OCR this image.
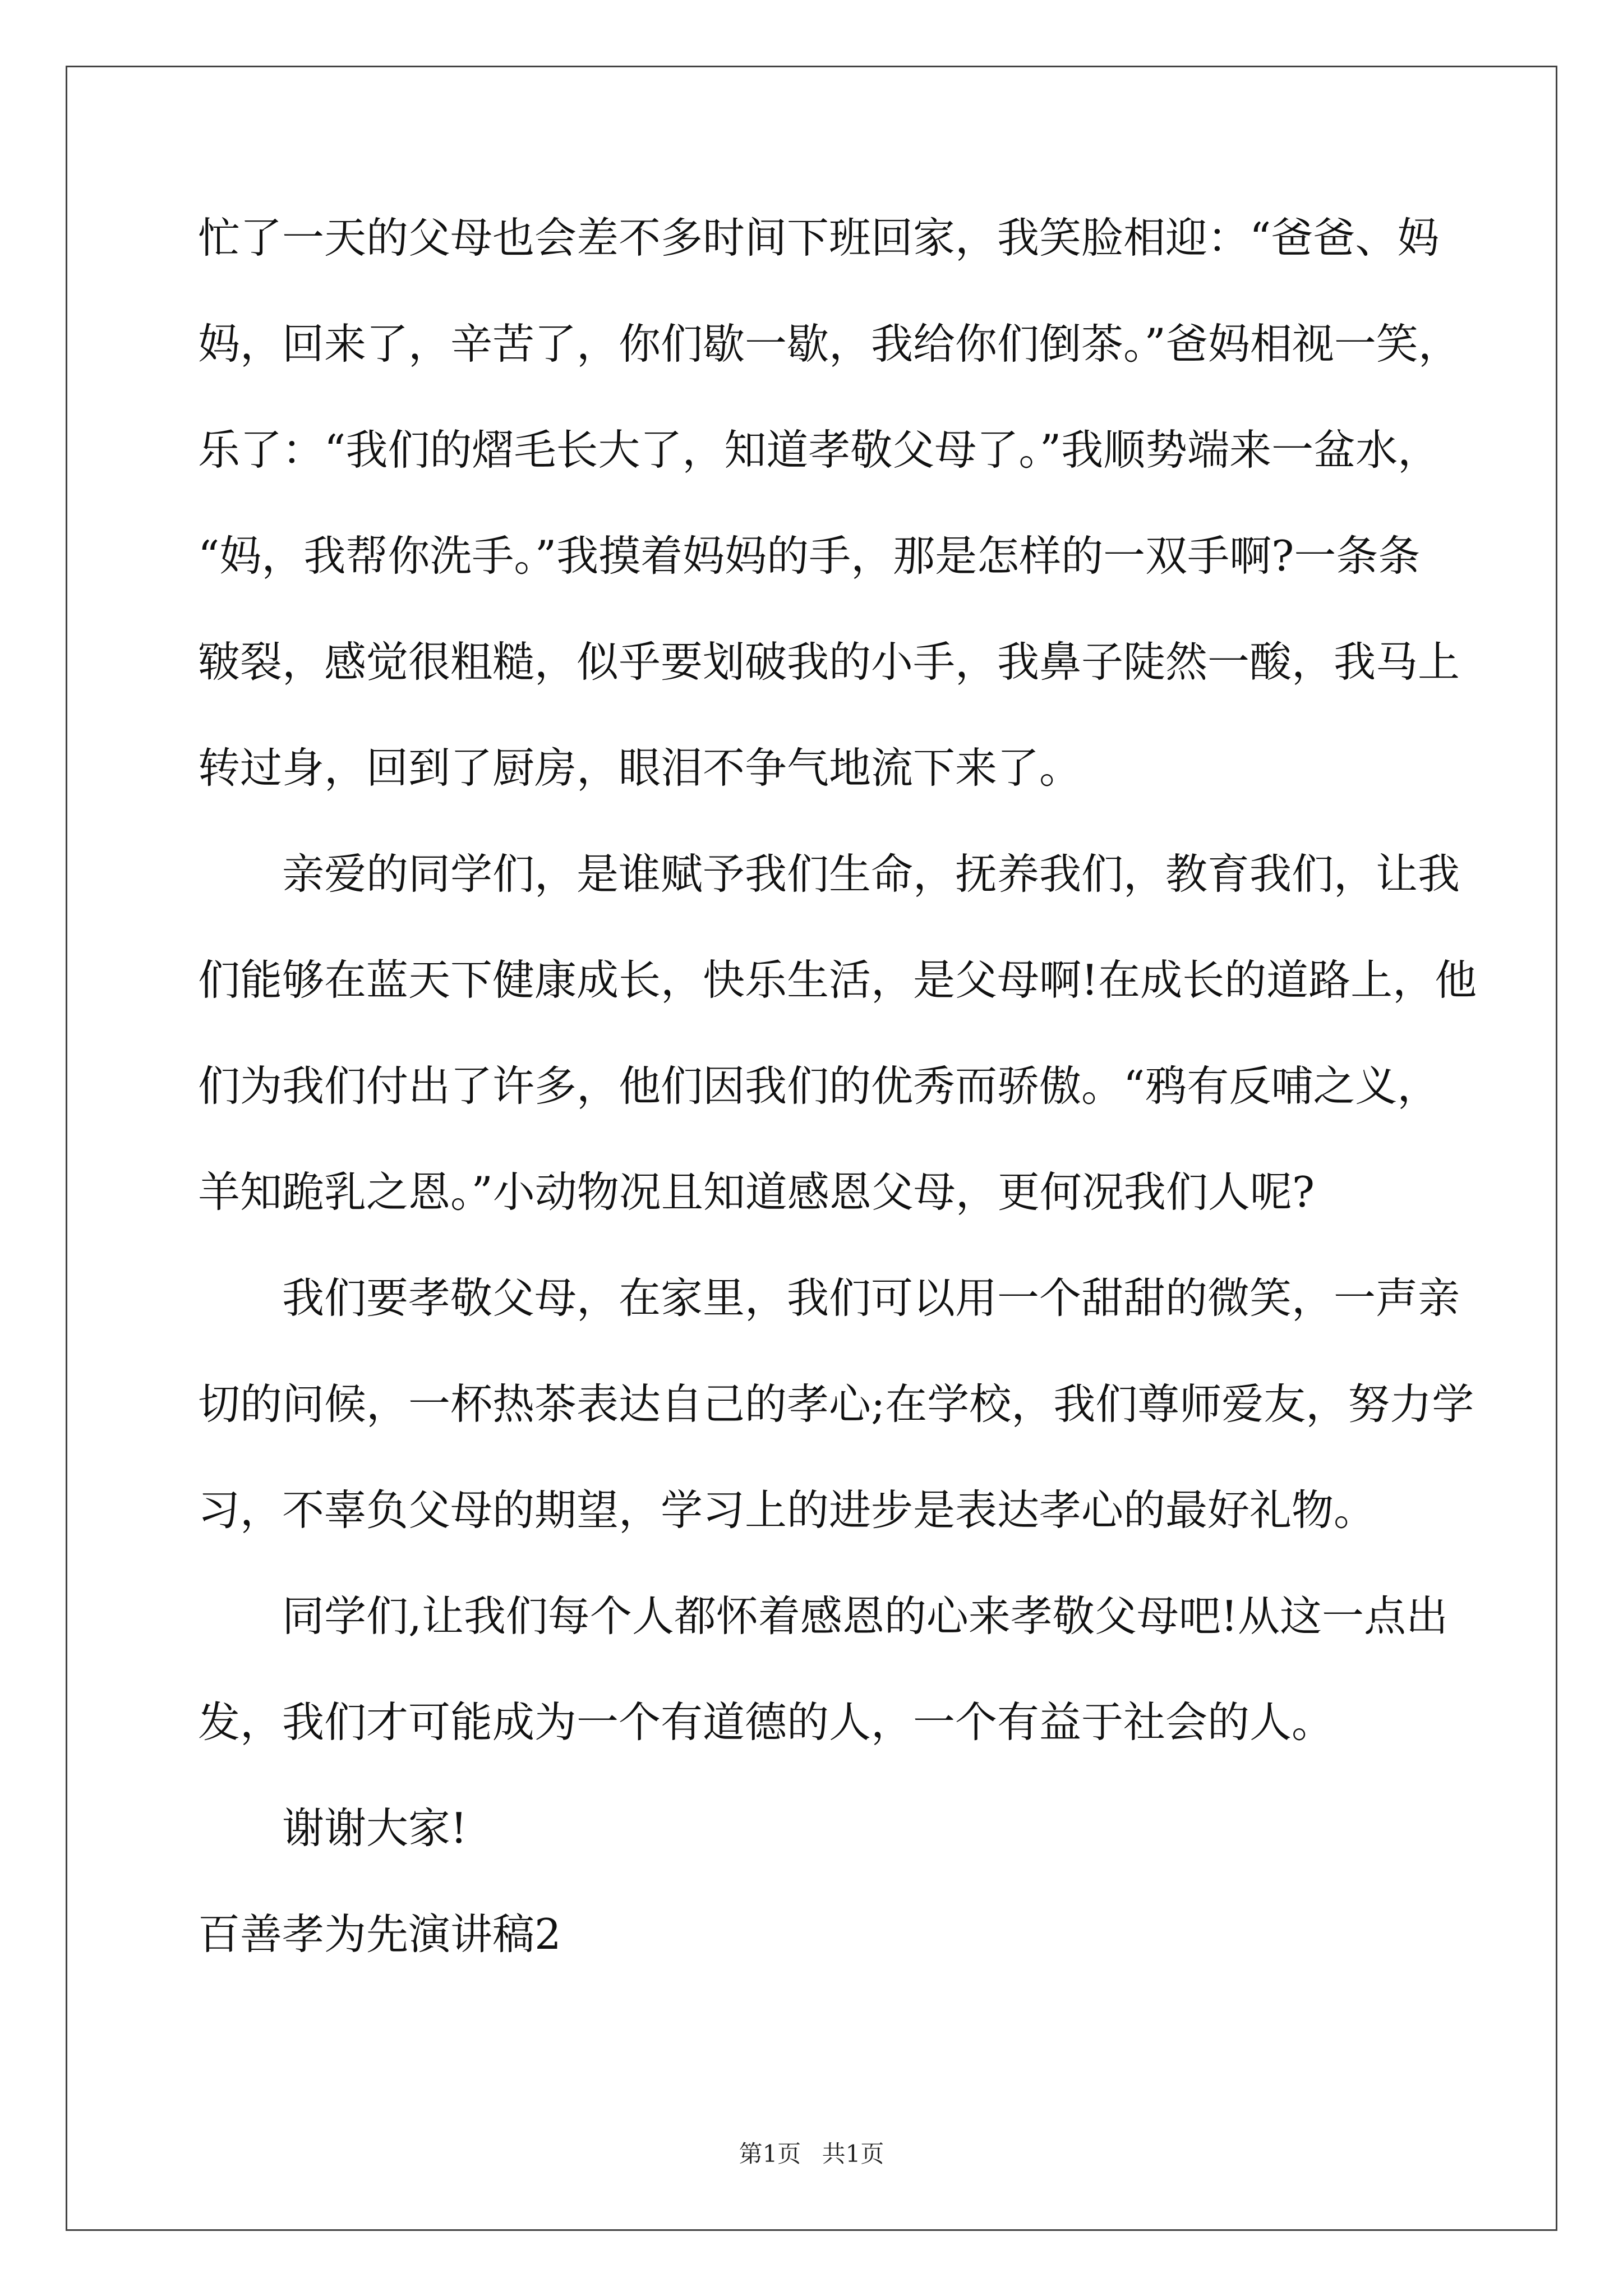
忙了一天的父母也会差不多时间下班回家，我笑脸相迎：“爸爸、妈
妈，回来了，辛苦了，你们歇一歇，我给你们倒茶。”爸妈相视一笑，
乐了：“我们的熠毛长大了，知道孝敬父母了。”我顺势端来一盆水，
“妈，我帮你洗手。”我摸着妈妈的手，那是怎样的一双手啊?一条条
皲裂，感觉很粗糙，似乎要划破我的小手，我鼻子陡然一酸，我马上
转过身，回到了厨房，眼泪不争气地流下来了。
亲爱的同学们，是谁赋予我们生命，抚养我们，教育我们，让我
们能够在蓝天下健康成长，快乐生活，是父母啊!在成长的道路上，他
们为我们付出了许多，他们因我们的优秀而骄傲。“鸦有反哺之义，
羊知跪乳之恩。”小动物况且知道感恩父母，更何况我们人呢?
我们要孝敬父母，在家里，我们可以用一个甜甜的微笑，一声亲
切的问候，一杯热茶表达自己的孝心;在学校，我们尊师爱友，努力学
习，不辜负父母的期望，学习上的进步是表达孝心的最好礼物。
同学们,让我们每个人都怀着感恩的心来孝敬父母吧!从这一点出
发，我们才可能成为一个有道德的人，一个有益于社会的人。
谢谢大家!
百善孝为先演讲稿2
第1页 共1页
